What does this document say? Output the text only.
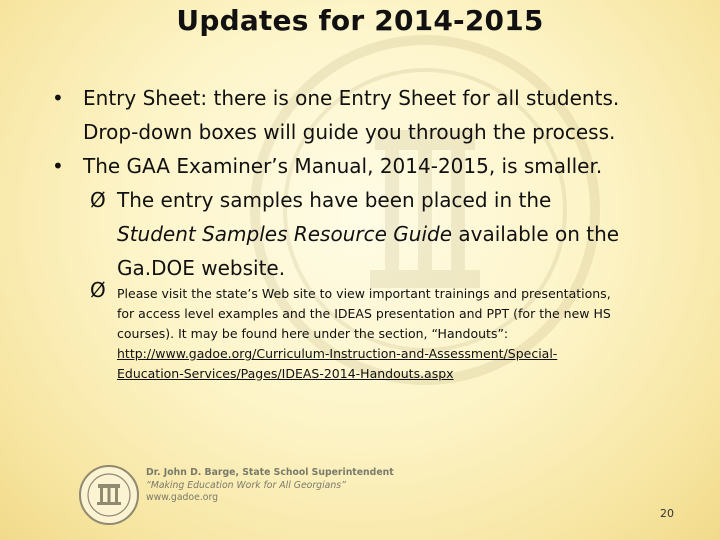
Updates for 2014-2015
• Entry Sheet: there is one Entry Sheet for all students.
Drop-down boxes will guide you through the process.
• The GAA Examiner’s Manual, 2014-2015, is smaller.
Ø The entry samples have been placed in the
Student Samples Resource Guide available on the
Ga.DOE website.
Ø Please visit the state’s Web site to view important trainings and presentations,
for access level examples and the IDEAS presentation and PPT (for the new HS
courses). It may be found here under the section, “Handouts”:
http://www.gadoe.org/Curriculum-Instruction-and-Assessment/Special-
Education-Services/Pages/IDEAS-2014-Handouts.aspx
Dr. John D. Barge, State School Superintendent
“Making Education Work for All Georgians”
www.gadoe.org
20
